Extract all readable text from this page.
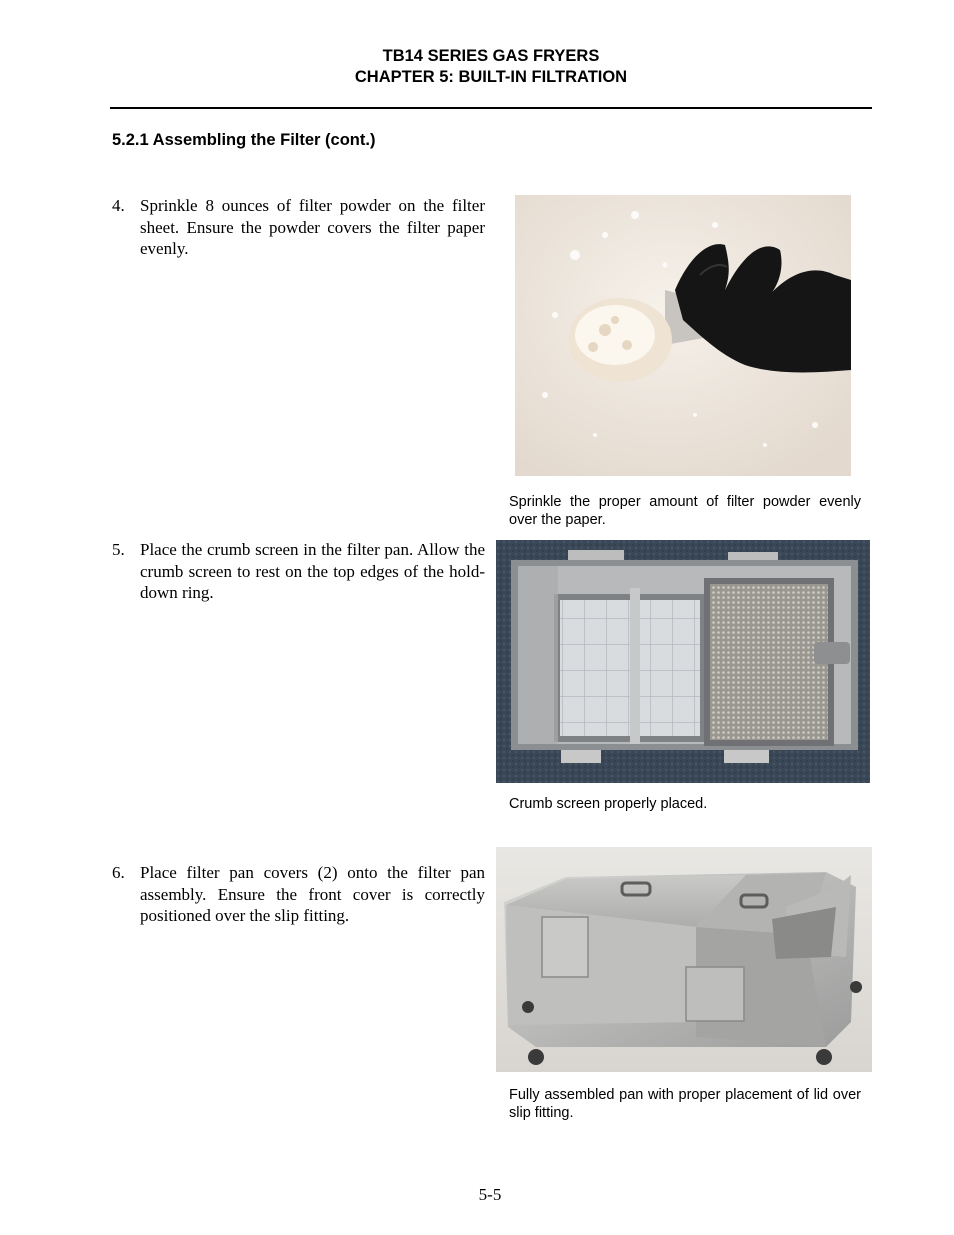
TB14 SERIES GAS FRYERS
CHAPTER 5: BUILT-IN FILTRATION
5.2.1 Assembling the Filter (cont.)
4. Sprinkle 8 ounces of filter powder on the filter sheet. Ensure the powder covers the filter paper evenly.
Sprinkle the proper amount of filter powder evenly over the paper.
5. Place the crumb screen in the filter pan. Allow the crumb screen to rest on the top edges of the hold-down ring.
Crumb screen properly placed.
6. Place filter pan covers (2) onto the filter pan assembly. Ensure the front cover is correctly positioned over the slip fitting.
Fully assembled pan with proper placement of lid over slip fitting.
5-5
